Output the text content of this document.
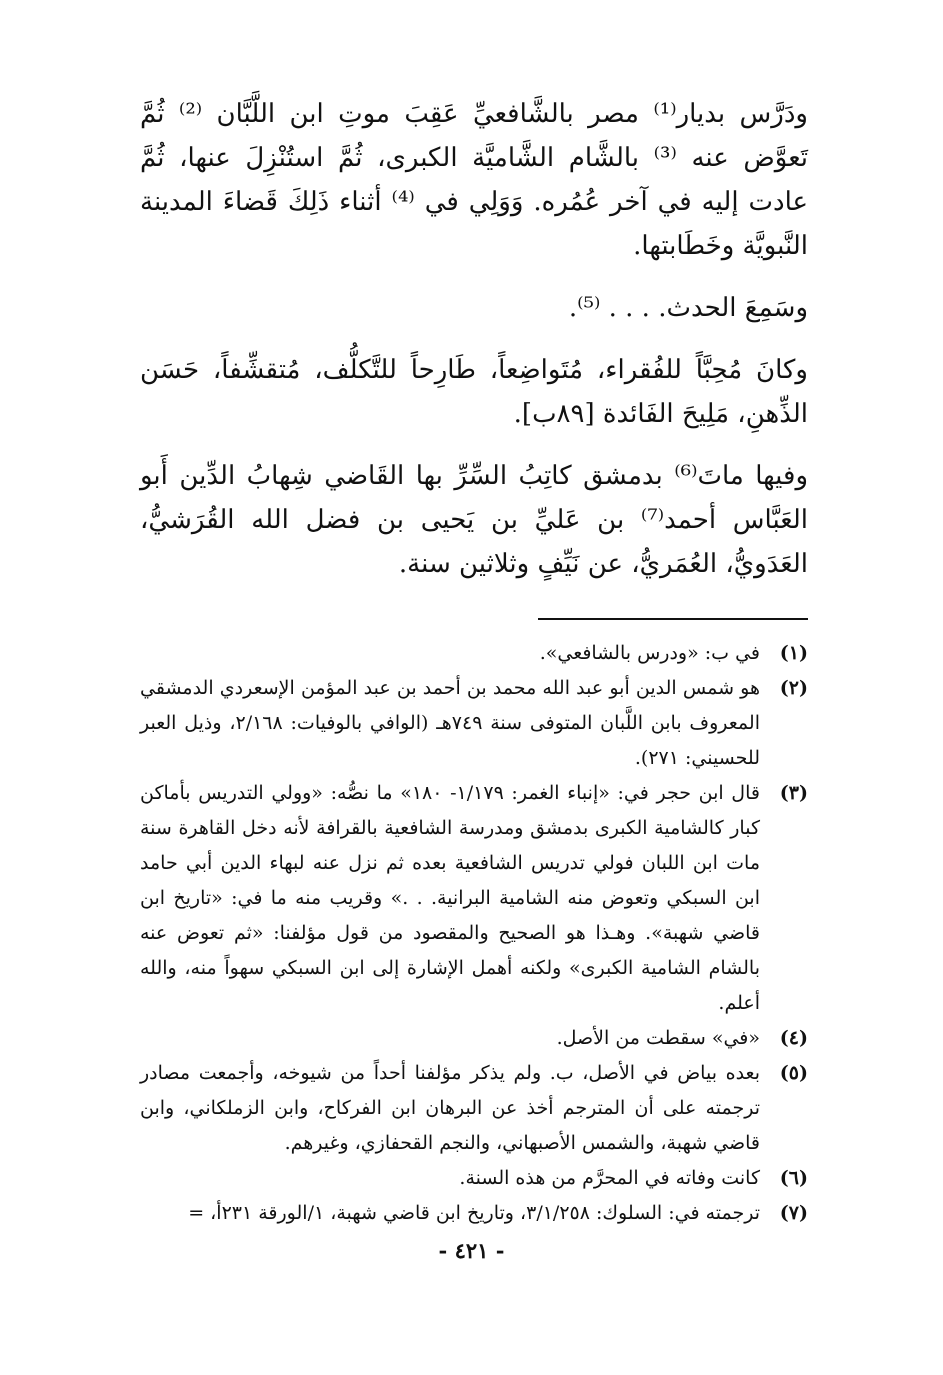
ودَرَّس بديار⁽¹⁾ مصر بالشَّافعيِّ عَقِبَ موتِ ابن اللَّبَّان ⁽²⁾ ثُمَّ تَعوَّض عنه ⁽³⁾ بالشَّام الشَّاميَّة الكبرى، ثُمَّ استُنْزِلَ عنها، ثُمَّ عادت إليه في آخر عُمُره. وَوَلِي في ⁽⁴⁾ أثناء ذَلِكَ قَضاءَ المدينة النَّبويَّة وخَطَابتها.

وسَمِعَ الحدث. . . . ⁽⁵⁾.

وكانَ مُحِبَّاً للفُقراء، مُتَواضِعاً، طَارِحاً للتَّكلُّف، مُتقشِّفاً، حَسَن الذِّهنِ، مَلِيحَ الفَائدة [٨٩ب].

وفيها ماتَ⁽⁶⁾ بدمشق كاتِبُ السِّرِّ بها القَاضي شِهابُ الدِّين أَبو العَبَّاس أحمد⁽⁷⁾ بن عَليِّ بن يَحيى بن فضل الله القُرَشيُّ، العَدَويُّ، العُمَريُّ، عن نَيِّفٍ وثلاثين سنة.

(١)
في ب: «ودرس بالشافعي».
(٢)
هو شمس الدين أبو عبد الله محمد بن أحمد بن عبد المؤمن الإسعردي الدمشقي المعروف بابن اللَّبان المتوفى سنة ٧٤٩هـ (الوافي بالوفيات: ٢/١٦٨، وذيل العبر للحسيني: ٢٧١).
(٣)
قال ابن حجر في: «إنباء الغمر: ١/١٧٩- ١٨٠» ما نصُّه: «وولي التدريس بأماكن كبار كالشامية الكبرى بدمشق ومدرسة الشافعية بالقرافة لأنه دخل القاهرة سنة مات ابن اللبان فولي تدريس الشافعية بعده ثم نزل عنه لبهاء الدين أبي حامد ابن السبكي وتعوض منه الشامية البرانية. . .» وقريب منه ما في: «تاريخ ابن قاضي شهبة». وهـذا هو الصحيح والمقصود من قول مؤلفنا: «ثم تعوض عنه بالشام الشامية الكبرى» ولكنه أهمل الإشارة إلى ابن السبكي سهواً منه، والله أعلم.
(٤)
«في» سقطت من الأصل.
(٥)
بعده بياض في الأصل، ب. ولم يذكر مؤلفنا أحداً من شيوخه، وأجمعت مصادر ترجمته على أن المترجم أخذ عن البرهان ابن الفركاح، وابن الزملكاني، وابن قاضي شهبة، والشمس الأصبهاني، والنجم القحفازي، وغيرهم.
(٦)
كانت وفاته في المحرَّم من هذه السنة.
(٧)
ترجمته في: السلوك: ٣/١/٢٥٨، وتاريخ ابن قاضي شهبة، ١/الورقة ٢٣١أ، =
- ٤٢١ -
